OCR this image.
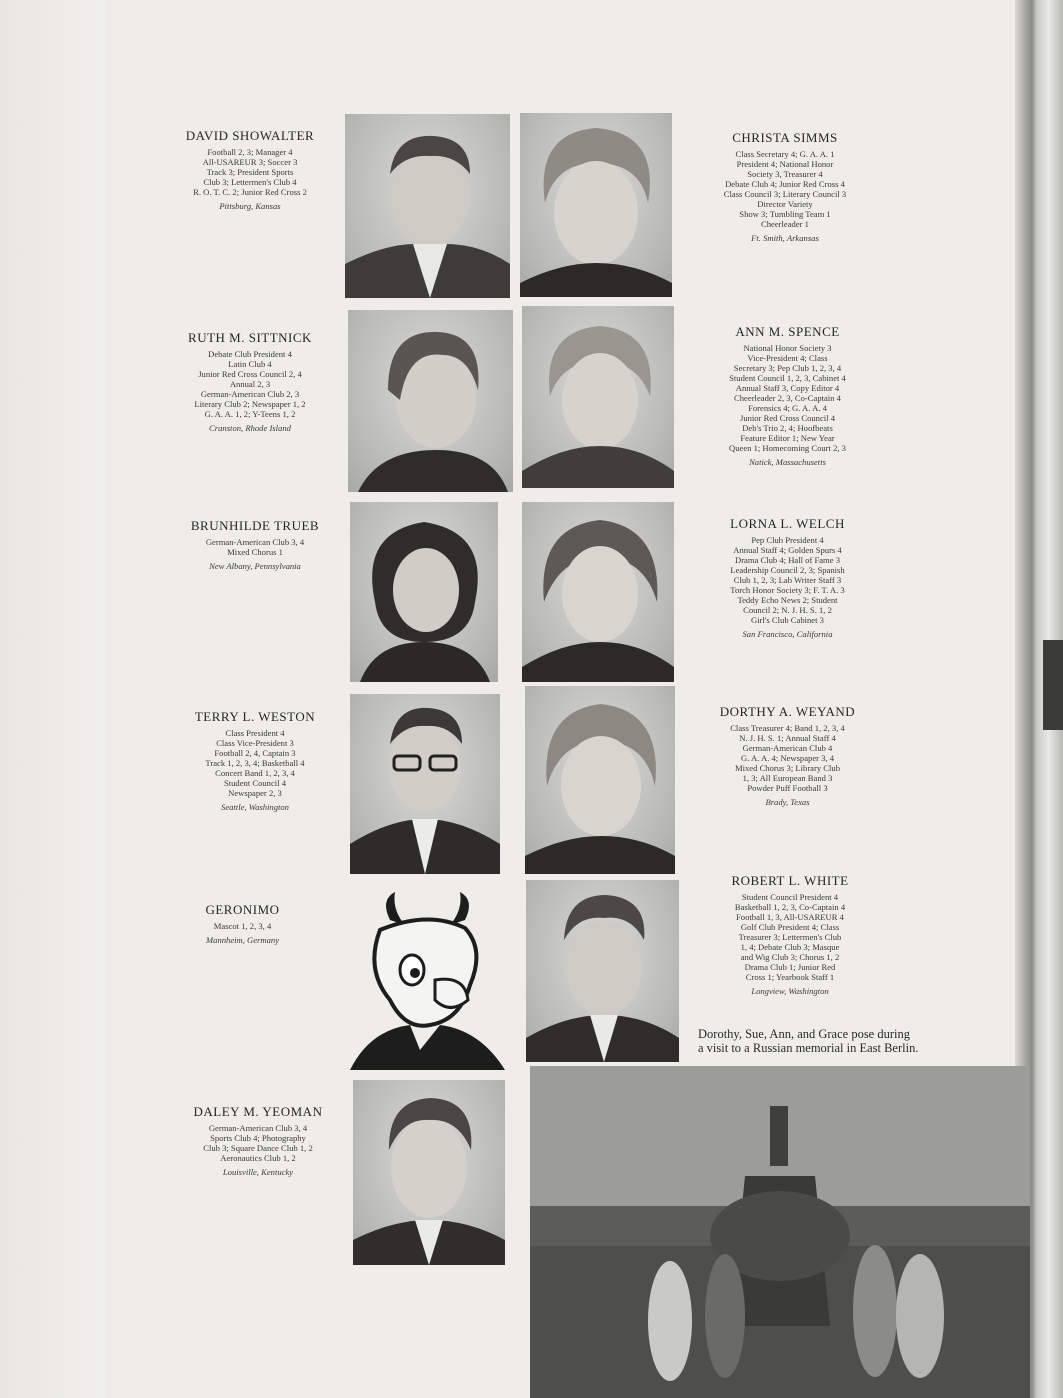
DAVID SHOWALTER
Football 2, 3; Manager 4
All-USAREUR 3; Soccer 3
Track 3; President Sports
Club 3; Lettermen's Club 4
R. O. T. C. 2; Junior Red Cross 2
Pittsburg, Kansas
RUTH M. SITTNICK
Debate Club President 4
Latin Club 4
Junior Red Cross Council 2, 4
Annual 2, 3
German-American Club 2, 3
Literary Club 2; Newspaper 1, 2
G. A. A. 1, 2; Y-Teens 1, 2
Cranston, Rhode Island
BRUNHILDE TRUEB
German-American Club 3, 4
Mixed Chorus 1
New Albany, Pennsylvania
TERRY L. WESTON
Class President 4
Class Vice-President 3
Football 2, 4, Captain 3
Track 1, 2, 3, 4; Basketball 4
Concert Band 1, 2, 3, 4
Student Council 4
Newspaper 2, 3
Seattle, Washington
GERONIMO
Mascot 1, 2, 3, 4
Mannheim, Germany
DALEY M. YEOMAN
German-American Club 3, 4
Sports Club 4; Photography
Club 3; Square Dance Club 1, 2
Aeronautics Club 1, 2
Louisville, Kentucky
CHRISTA SIMMS
Class Secretary 4; G. A. A. 1
President 4; National Honor
Society 3, Treasurer 4
Debate Club 4; Junior Red Cross 4
Class Council 3; Literary Council 3
Director Variety
Show 3; Tumbling Team 1
Cheerleader 1
Ft. Smith, Arkansas
ANN M. SPENCE
National Honor Society 3
Vice-President 4; Class
Secretary 3; Pep Club 1, 2, 3, 4
Student Council 1, 2, 3, Cabinet 4
Annual Staff 3, Copy Editor 4
Cheerleader 2, 3, Co-Captain 4
Forensics 4; G. A. A. 4
Junior Red Cross Council 4
Deb's Trio 2, 4; Hoofbeats
Feature Editor 1; New Year
Queen 1; Homecoming Court 2, 3
Natick, Massachusetts
LORNA L. WELCH
Pep Club President 4
Annual Staff 4; Golden Spurs 4
Drama Club 4; Hall of Fame 3
Leadership Council 2, 3; Spanish
Club 1, 2, 3; Lab Writer Staff 3
Torch Honor Society 3; F. T. A. 3
Teddy Echo News 2; Student
Council 2; N. J. H. S. 1, 2
Girl's Club Cabinet 3
San Francisco, California
DORTHY A. WEYAND
Class Treasurer 4; Band 1, 2, 3, 4
N. J. H. S. 1; Annual Staff 4
German-American Club 4
G. A. A. 4; Newspaper 3, 4
Mixed Chorus 3; Library Club
1, 3; All European Band 3
Powder Puff Football 3
Brady, Texas
ROBERT L. WHITE
Student Council President 4
Basketball 1, 2, 3, Co-Captain 4
Football 1, 3, All-USAREUR 4
Golf Club President 4; Class
Treasurer 3; Lettermen's Club
1, 4; Debate Club 3; Masque
and Wig Club 3; Chorus 1, 2
Drama Club 1; Junior Red
Cross 1; Yearbook Staff 1
Longview, Washington
Dorothy, Sue, Ann, and Grace pose during
a visit to a Russian memorial in East Berlin.
